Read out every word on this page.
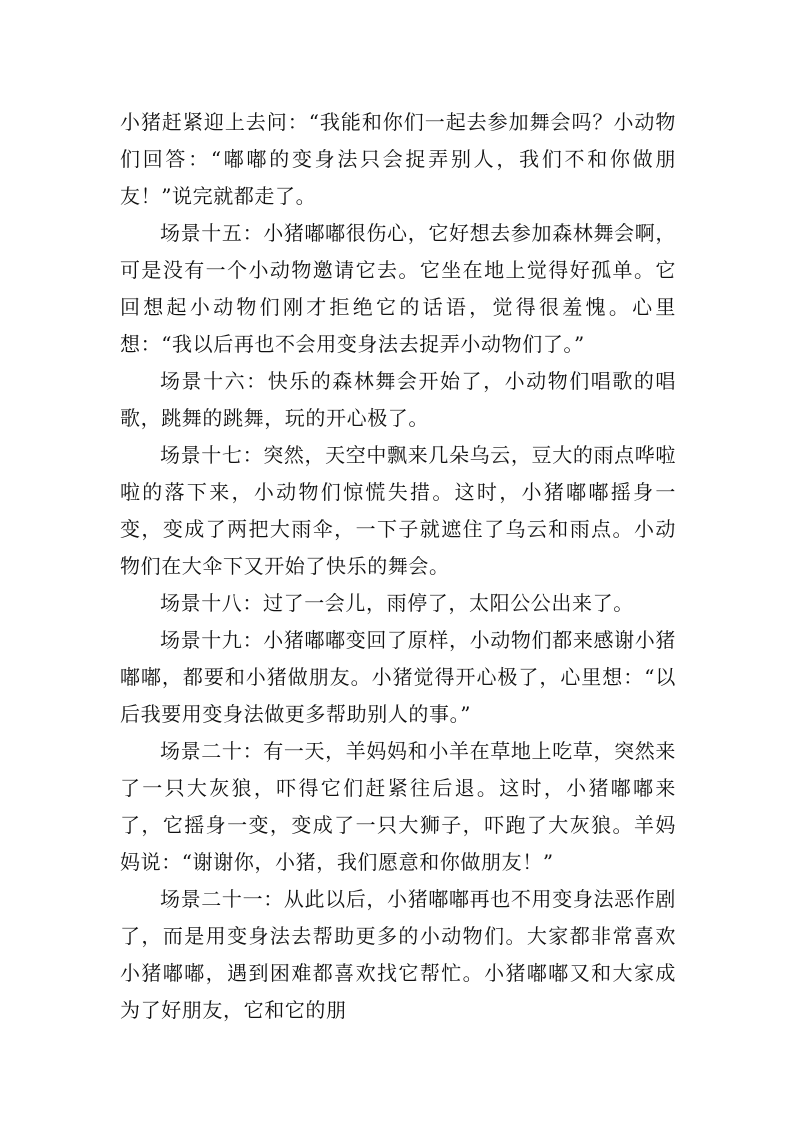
小猪赶紧迎上去问：“我能和你们一起去参加舞会吗？小动物们回答：“嘟嘟的变身法只会捉弄别人，我们不和你做朋友！”说完就都走了。

场景十五：小猪嘟嘟很伤心，它好想去参加森林舞会啊，可是没有一个小动物邀请它去。它坐在地上觉得好孤单。它回想起小动物们刚才拒绝它的话语，觉得很羞愧。心里想：“我以后再也不会用变身法去捉弄小动物们了。”

场景十六：快乐的森林舞会开始了，小动物们唱歌的唱歌，跳舞的跳舞，玩的开心极了。

场景十七：突然，天空中飘来几朵乌云，豆大的雨点哗啦啦的落下来，小动物们惊慌失措。这时，小猪嘟嘟摇身一变，变成了两把大雨伞，一下子就遮住了乌云和雨点。小动物们在大伞下又开始了快乐的舞会。

场景十八：过了一会儿，雨停了，太阳公公出来了。

场景十九：小猪嘟嘟变回了原样，小动物们都来感谢小猪嘟嘟，都要和小猪做朋友。小猪觉得开心极了，心里想：“以后我要用变身法做更多帮助别人的事。”

场景二十：有一天，羊妈妈和小羊在草地上吃草，突然来了一只大灰狼，吓得它们赶紧往后退。这时，小猪嘟嘟来了，它摇身一变，变成了一只大狮子，吓跑了大灰狼。羊妈妈说：“谢谢你，小猪，我们愿意和你做朋友！”

场景二十一：从此以后，小猪嘟嘟再也不用变身法恶作剧了，而是用变身法去帮助更多的小动物们。大家都非常喜欢小猪嘟嘟，遇到困难都喜欢找它帮忙。小猪嘟嘟又和大家成为了好朋友，它和它的朋
